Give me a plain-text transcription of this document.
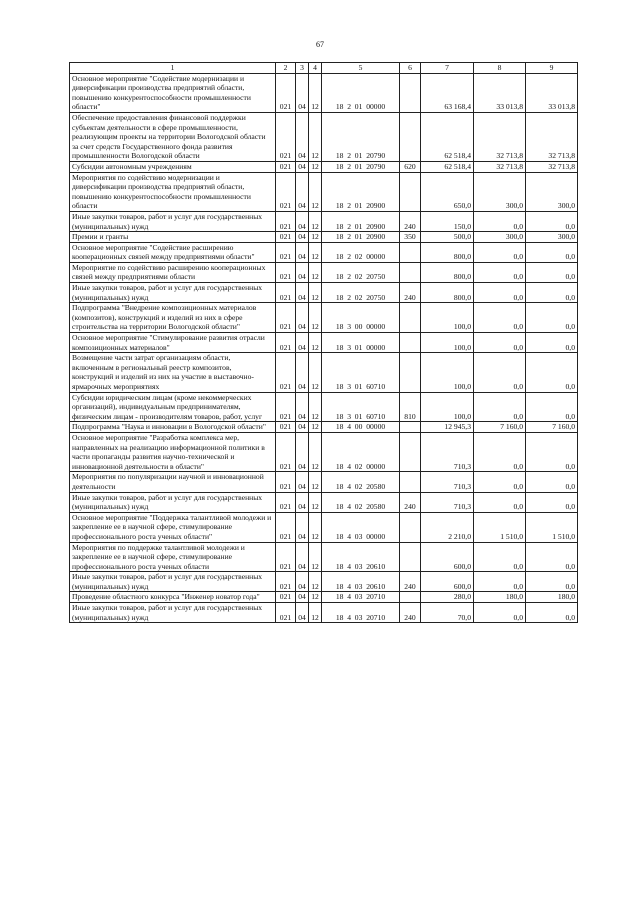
67
1	2	3	4	5	6	7	8	9
Основное мероприятие "Содействие модернизации и диверсификации производства предприятий области, повышению конкурентоспособности промышленности области"	021	04	12	18  2  01  00000		63 168,4	33 013,8	33 013,8
Обеспечение предоставления финансовой поддержки субъектам деятельности в сфере промышленности, реализующим проекты на территории Вологодской области за счет средств Государственного фонда развития промышленности Вологодской области	021	04	12	18  2  01  20790		62 518,4	32 713,8	32 713,8
Субсидии автономным учреждениям	021	04	12	18  2  01  20790	620	62 518,4	32 713,8	32 713,8
Мероприятия по содействию модернизации и диверсификации производства предприятий области, повышению конкурентоспособности промышленности области	021	04	12	18  2  01  20900		650,0	300,0	300,0
Иные закупки товаров, работ и услуг для государственных (муниципальных) нужд	021	04	12	18  2  01  20900	240	150,0	0,0	0,0
Премии и гранты	021	04	12	18  2  01  20900	350	500,0	300,0	300,0
Основное мероприятие "Содействие расширению кооперационных связей между предприятиями области"	021	04	12	18  2  02  00000		800,0	0,0	0,0
Мероприятие по содействию расширению кооперационных связей между предприятиями области	021	04	12	18  2  02  20750		800,0	0,0	0,0
Иные закупки товаров, работ и услуг для государственных (муниципальных) нужд	021	04	12	18  2  02  20750	240	800,0	0,0	0,0
Подпрограмма "Внедрение композиционных материалов (композитов), конструкций и изделий из них в сфере строительства на территории Вологодской области"	021	04	12	18  3  00  00000		100,0	0,0	0,0
Основное мероприятие "Стимулирование развития отрасли композиционных материалов"	021	04	12	18  3  01  00000		100,0	0,0	0,0
Возмещение части затрат организациям области, включенным в региональный реестр композитов, конструкций и изделий из них на участие в выставочно-ярмарочных мероприятиях	021	04	12	18  3  01  60710		100,0	0,0	0,0
Субсидии юридическим лицам (кроме некоммерческих организаций), индивидуальным предпринимателям, физическим лицам - производителям товаров, работ, услуг	021	04	12	18  3  01  60710	810	100,0	0,0	0,0
Подпрограмма "Наука и инновации в Вологодской области"	021	04	12	18  4  00  00000		12 945,3	7 160,0	7 160,0
Основное мероприятие "Разработка комплекса мер, направленных на реализацию информационной политики в части пропаганды развития научно-технической и инновационной деятельности в области"	021	04	12	18  4  02  00000		710,3	0,0	0,0
Мероприятия по популяризации научной и инновационной деятельности	021	04	12	18  4  02  20580		710,3	0,0	0,0
Иные закупки товаров, работ и услуг для государственных (муниципальных) нужд	021	04	12	18  4  02  20580	240	710,3	0,0	0,0
Основное мероприятие "Поддержка талантливой молодежи и закрепление ее в научной сфере, стимулирование профессионального роста ученых области"	021	04	12	18  4  03  00000		2 210,0	1 510,0	1 510,0
Мероприятия по поддержке талантливой молодежи и закрепление ее в научной сфере, стимулирование профессионального роста ученых области	021	04	12	18  4  03  20610		600,0	0,0	0,0
Иные закупки товаров, работ и услуг для государственных (муниципальных) нужд	021	04	12	18  4  03  20610	240	600,0	0,0	0,0
Проведение областного конкурса "Инженер новатор года"	021	04	12	18  4  03  20710		280,0	180,0	180,0
Иные закупки товаров, работ и услуг для государственных (муниципальных) нужд	021	04	12	18  4  03  20710	240	70,0	0,0	0,0
